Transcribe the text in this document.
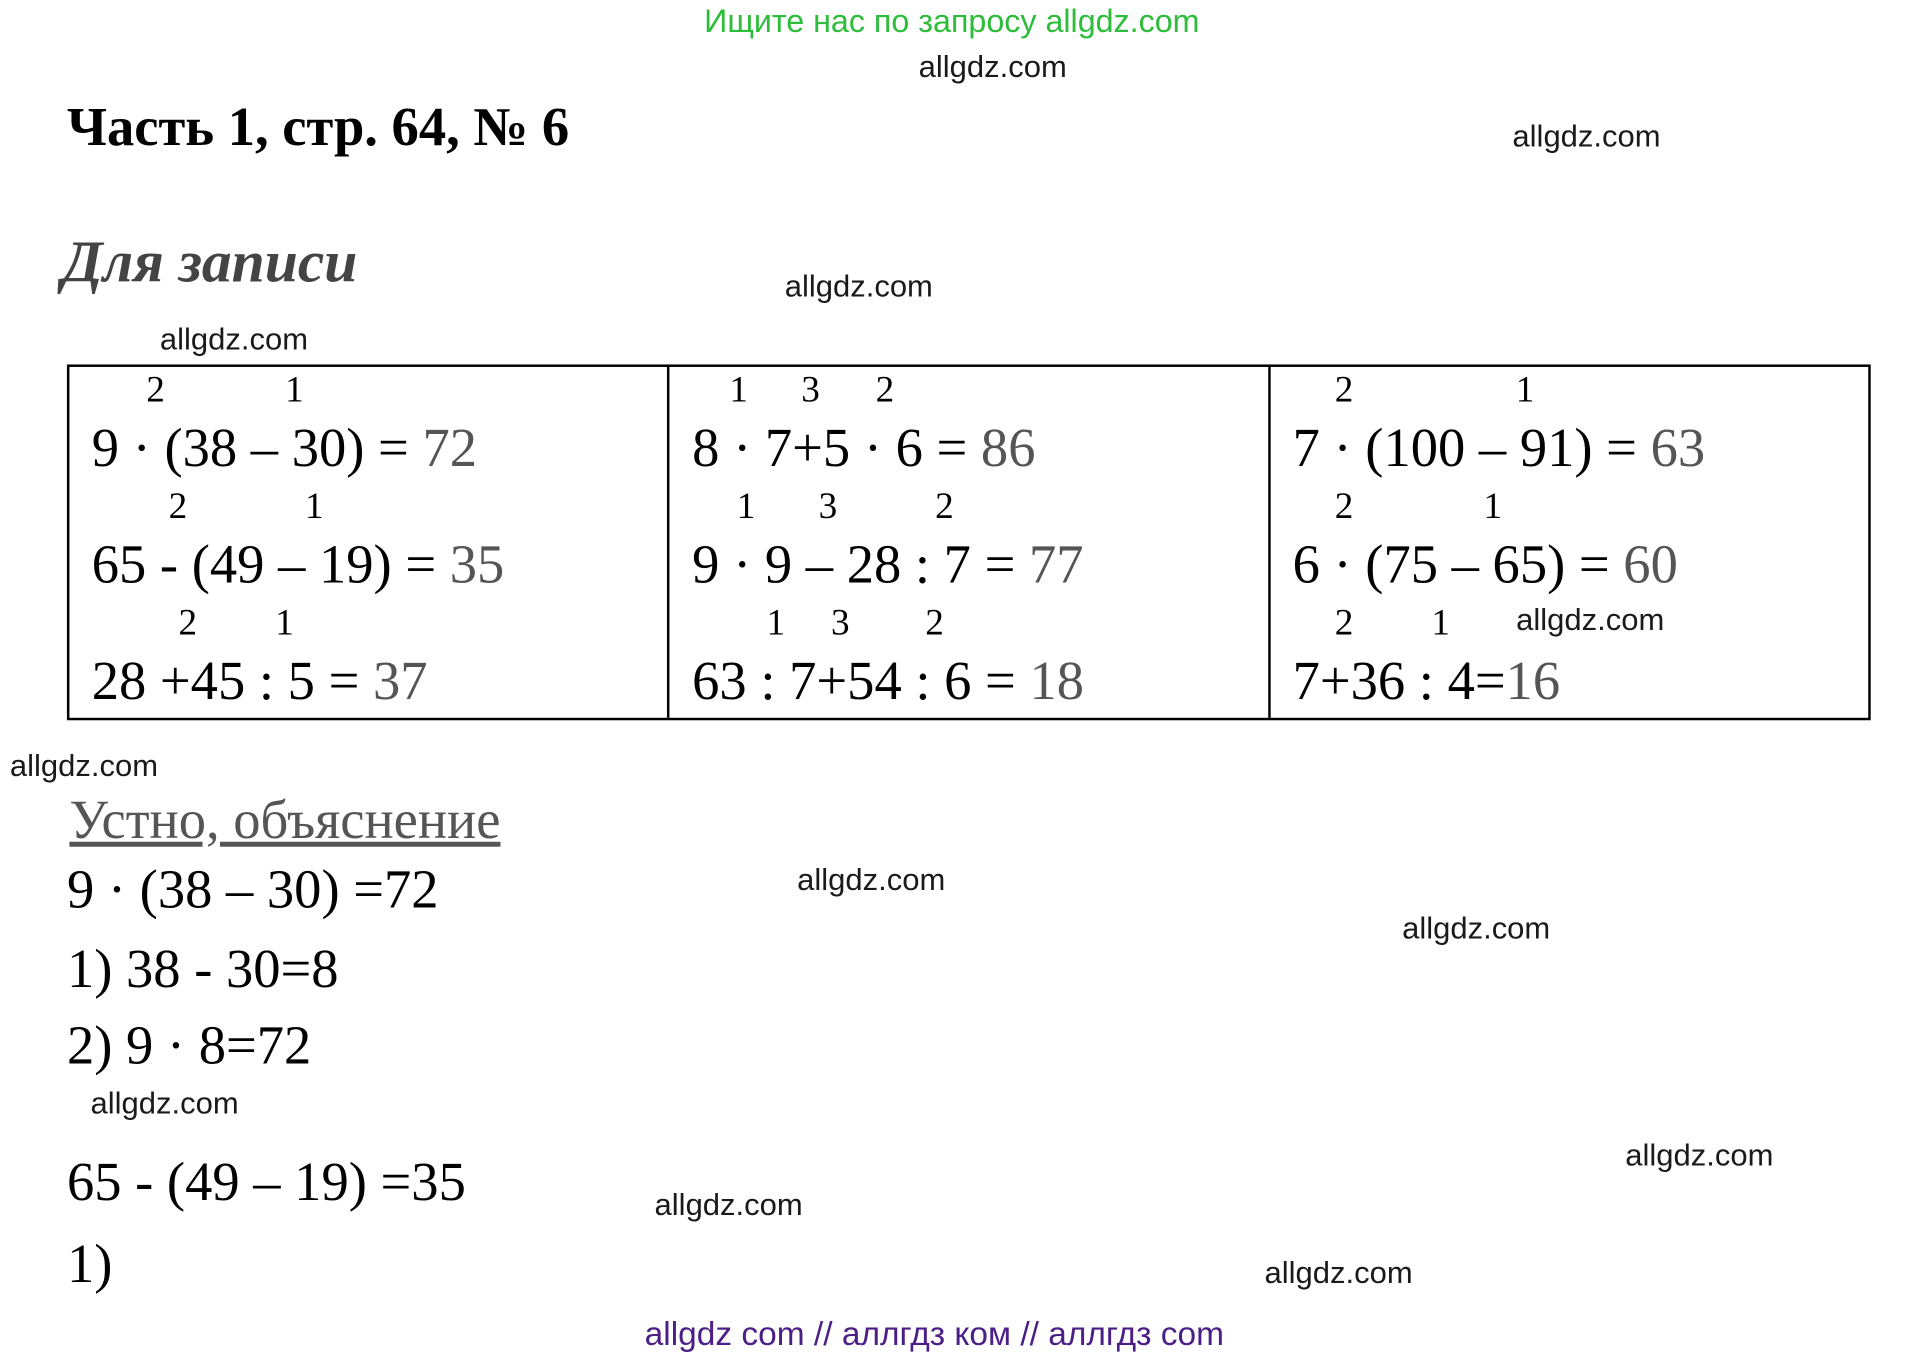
Ищите нас по запросу allgdz.com
allgdz.com
allgdz.com
allgdz.com
allgdz.com
allgdz.com
allgdz.com
allgdz.com
allgdz.com
allgdz.com
allgdz.com
allgdz.com
allgdz.com
Часть 1, стр. 64, № 6
Для записи
2	1
9 · (38 – 30) = 72
2	1
65 - (49 – 19) = 35
2	1
28 +45 : 5 = 37
1 3 2
8 · 7+5 · 6 = 86
1 3	2
9 · 9 – 28 : 7 = 77
1 3	2
63 : 7+54 : 6 = 18
2	1
7 · (100 – 91) = 63
2	1
6 · (75 – 65) = 60
2	1
7+36 : 4=16
Устно, объяснение
9 · (38 – 30) =72
1) 38 - 30=8
2) 9 · 8=72
65 - (49 – 19) =35
1)
allgdz com // аллгдз ком // аллгдз com
